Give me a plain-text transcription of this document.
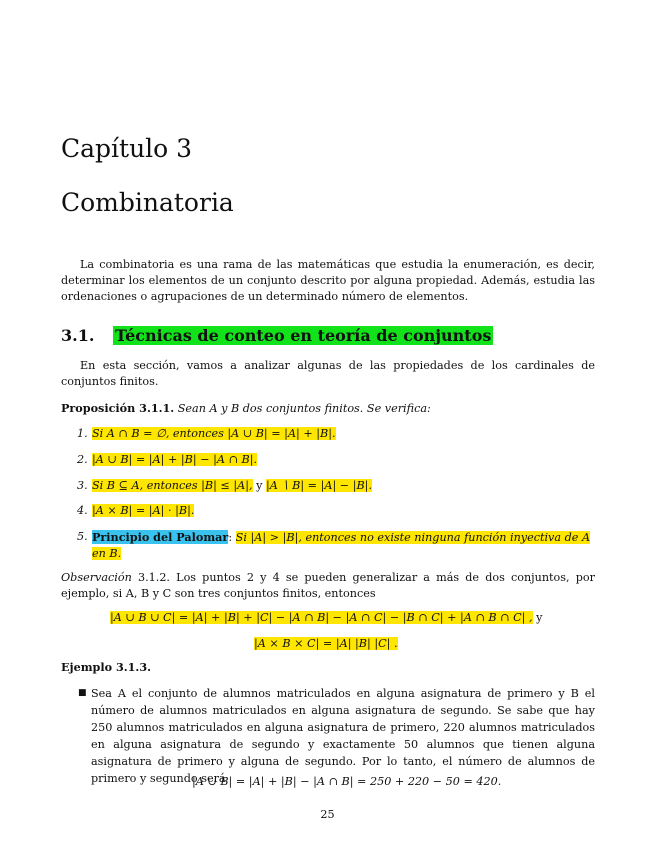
Capítulo 3
Combinatoria

La combinatoria es una rama de las matemáticas que estudia la enumeración, es decir, determinar los elementos de un conjunto descrito por alguna propiedad. Además, estudia las ordenaciones o agrupaciones de un determinado número de elementos.

3.1. Técnicas de conteo en teoría de conjuntos

En esta sección, vamos a analizar algunas de las propiedades de los cardinales de conjuntos finitos.

Proposición 3.1.1. Sean A y B dos conjuntos finitos. Se verifica:
1. Si A ∩ B = ∅, entonces |A ∪ B| = |A| + |B|.
2. |A ∪ B| = |A| + |B| − |A ∩ B|.
3. Si B ⊆ A, entonces |B| ≤ |A|, y |A ∖ B| = |A| − |B|.
4. |A × B| = |A| · |B|.
5. Principio del Palomar: Si |A| > |B|, entonces no existe ninguna función inyectiva de A en B.

Observación 3.1.2. Los puntos 2 y 4 se pueden generalizar a más de dos conjuntos, por ejemplo, si A, B y C son tres conjuntos finitos, entonces

|A ∪ B ∪ C| = |A| + |B| + |C| − |A ∩ B| − |A ∩ C| − |B ∩ C| + |A ∩ B ∩ C| , y
|A × B × C| = |A| |B| |C| .
Ejemplo 3.1.3.
■ Sea A el conjunto de alumnos matriculados en alguna asignatura de primero y B el número de alumnos matriculados en alguna asignatura de segundo. Se sabe que hay 250 alumnos matriculados en alguna asignatura de primero, 220 alumnos matriculados en alguna asignatura de segundo y exactamente 50 alumnos que tienen alguna asignatura de primero y alguna de segundo. Por lo tanto, el número de alumnos de primero y segundo será

|A ∪ B| = |A| + |B| − |A ∩ B| = 250 + 220 − 50 = 420.
25
